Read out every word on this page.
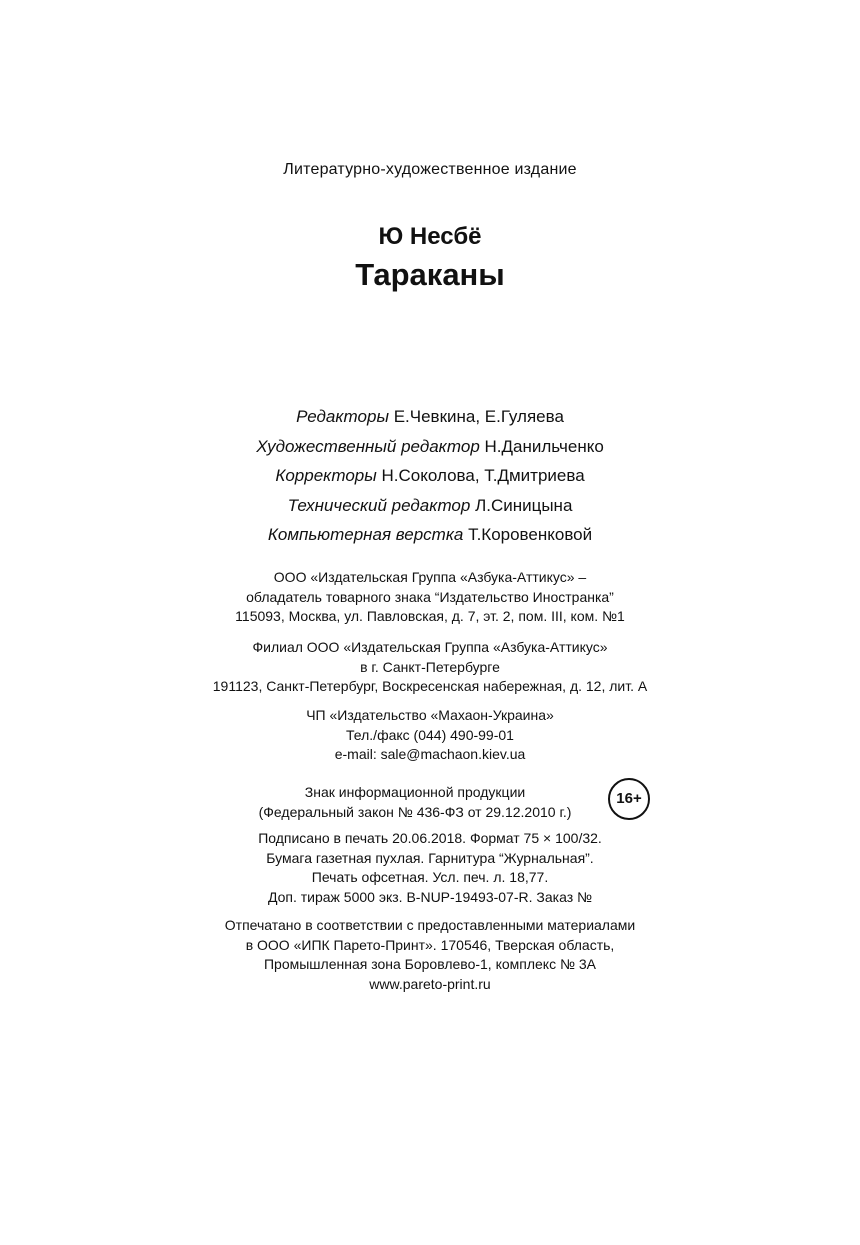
Литературно-художественное издание
Ю Несбё
Тараканы
Редакторы Е.Чевкина, Е.Гуляева
Художественный редактор Н.Данильченко
Корректоры Н.Соколова, Т.Дмитриева
Технический редактор Л.Синицына
Компьютерная верстка Т.Коровенковой
ООО «Издательская Группа «Азбука-Аттикус» –
обладатель товарного знака “Издательство Иностранка”
115093, Москва, ул. Павловская, д. 7, эт. 2, пом. III, ком. №1
Филиал ООО «Издательская Группа «Азбука-Аттикус»
в г. Санкт-Петербурге
191123, Санкт-Петербург, Воскресенская набережная, д. 12, лит. А
ЧП «Издательство «Махаон-Украина»
Тел./факс (044) 490-99-01
e-mail: sale@machaon.kiev.ua
Знак информационной продукции
(Федеральный закон № 436-ФЗ от 29.12.2010 г.)
16+
Подписано в печать 20.06.2018. Формат 75 × 100/32.
Бумага газетная пухлая. Гарнитура “Журнальная”.
Печать офсетная. Усл. печ. л. 18,77.
Доп. тираж 5000 экз. B-NUP-19493-07-R. Заказ №
Отпечатано в соответствии с предоставленными материалами
в ООО «ИПК Парето-Принт». 170546, Тверская область,
Промышленная зона Боровлево-1, комплекс № 3А
www.pareto-print.ru
